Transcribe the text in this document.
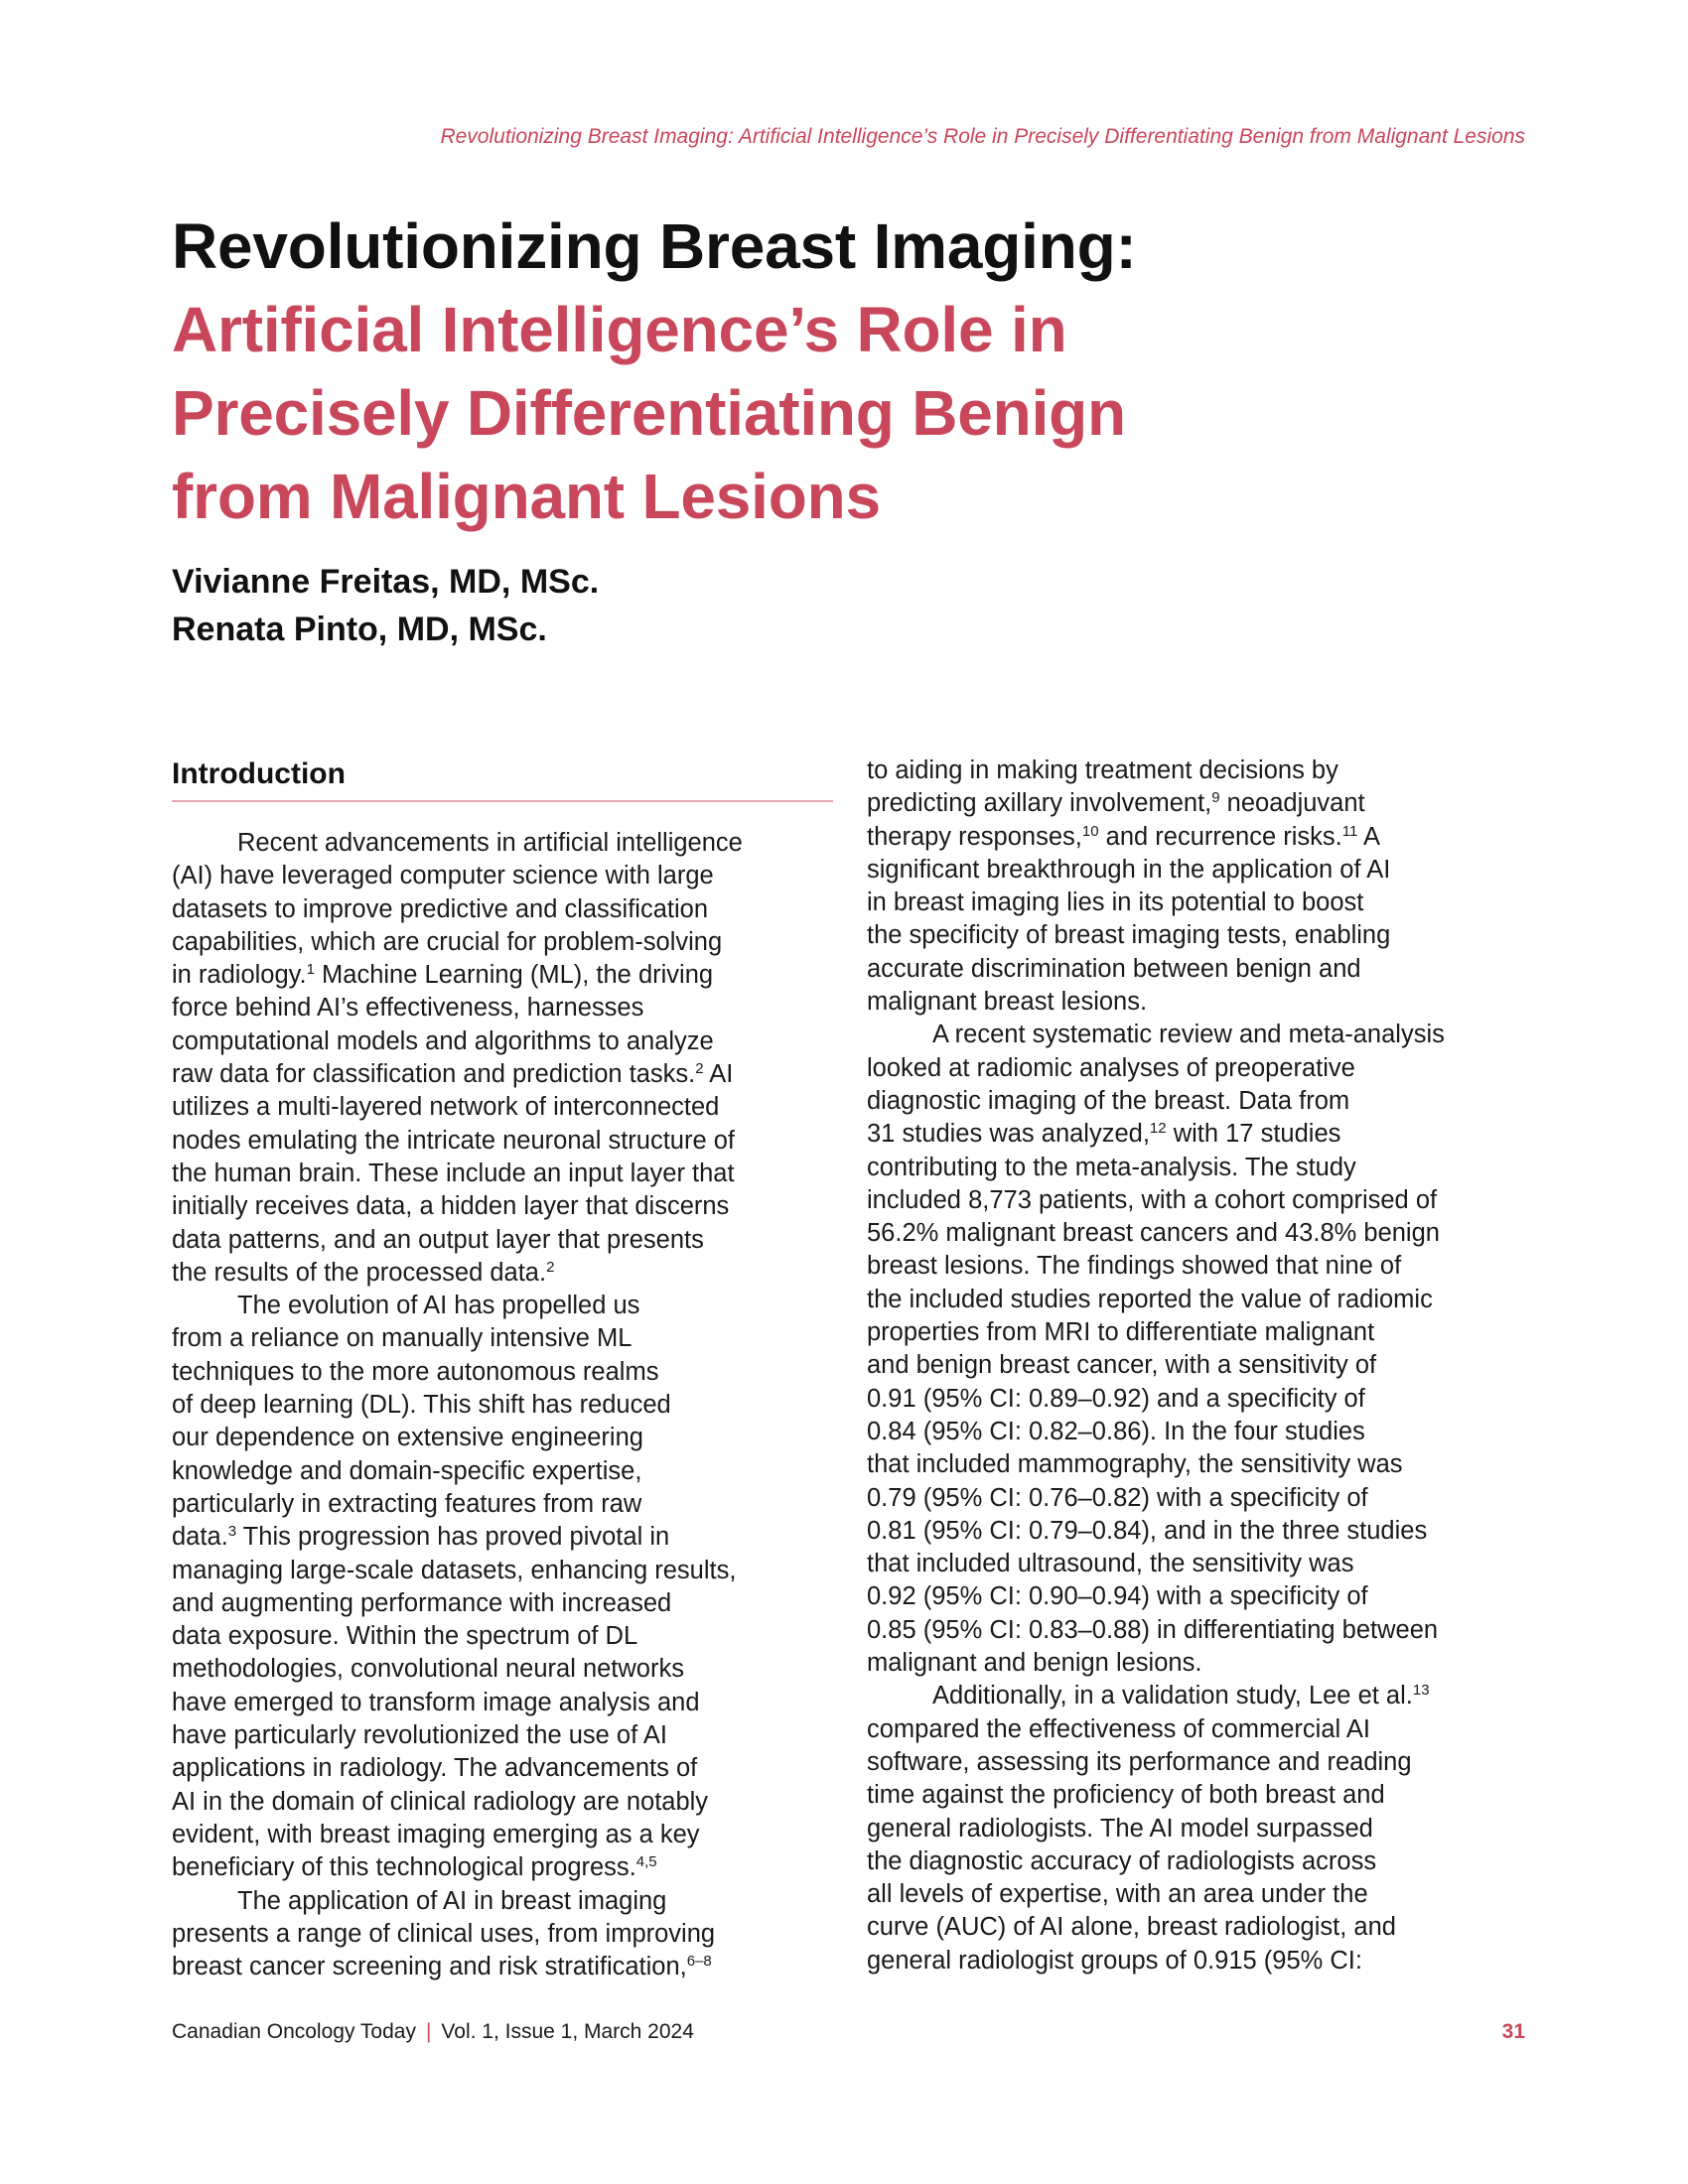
Revolutionizing Breast Imaging: Artificial Intelligence’s Role in Precisely Differentiating Benign from Malignant Lesions
Revolutionizing Breast Imaging:
Artificial Intelligence’s Role in
Precisely Differentiating Benign
from Malignant Lesions
Vivianne Freitas, MD, MSc.
Renata Pinto, MD, MSc.
Introduction
Recent advancements in artificial intelligence
(AI) have leveraged computer science with large
datasets to improve predictive and classification
capabilities, which are crucial for problem-solving
in radiology.$^1$ Machine Learning (ML), the driving
force behind AI’s effectiveness, harnesses
computational models and algorithms to analyze
raw data for classification and prediction tasks.$^2$ AI
utilizes a multi-layered network of interconnected
nodes emulating the intricate neuronal structure of
the human brain. These include an input layer that
initially receives data, a hidden layer that discerns
data patterns, and an output layer that presents
the results of the processed data.$^2$
The evolution of AI has propelled us
from a reliance on manually intensive ML
techniques to the more autonomous realms
of deep learning (DL). This shift has reduced
our dependence on extensive engineering
knowledge and domain-specific expertise,
particularly in extracting features from raw
data.$^3$ This progression has proved pivotal in
managing large-scale datasets, enhancing results,
and augmenting performance with increased
data exposure. Within the spectrum of DL
methodologies, convolutional neural networks
have emerged to transform image analysis and
have particularly revolutionized the use of AI
applications in radiology. The advancements of
AI in the domain of clinical radiology are notably
evident, with breast imaging emerging as a key
beneficiary of this technological progress.$^{4,5}$
The application of AI in breast imaging
presents a range of clinical uses, from improving
breast cancer screening and risk stratification,$^{6-8}$
to aiding in making treatment decisions by
predicting axillary involvement,$^9$ neoadjuvant
therapy responses,$^{10}$ and recurrence risks.$^{11}$ A
significant breakthrough in the application of AI
in breast imaging lies in its potential to boost
the specificity of breast imaging tests, enabling
accurate discrimination between benign and
malignant breast lesions.
A recent systematic review and meta-analysis
looked at radiomic analyses of preoperative
diagnostic imaging of the breast. Data from
31 studies was analyzed,$^{12}$ with 17 studies
contributing to the meta-analysis. The study
included 8,773 patients, with a cohort comprised of
56.2% malignant breast cancers and 43.8% benign
breast lesions. The findings showed that nine of
the included studies reported the value of radiomic
properties from MRI to differentiate malignant
and benign breast cancer, with a sensitivity of
0.91 (95% CI: 0.89–0.92) and a specificity of
0.84 (95% CI: 0.82–0.86). In the four studies
that included mammography, the sensitivity was
0.79 (95% CI: 0.76–0.82) with a specificity of
0.81 (95% CI: 0.79–0.84), and in the three studies
that included ultrasound, the sensitivity was
0.92 (95% CI: 0.90–0.94) with a specificity of
0.85 (95% CI: 0.83–0.88) in differentiating between
malignant and benign lesions.
Additionally, in a validation study, Lee et al.$^{13}$
compared the effectiveness of commercial AI
software, assessing its performance and reading
time against the proficiency of both breast and
general radiologists. The AI model surpassed
the diagnostic accuracy of radiologists across
all levels of expertise, with an area under the
curve (AUC) of AI alone, breast radiologist, and
general radiologist groups of 0.915 (95% CI:
Canadian Oncology Today | Vol. 1, Issue 1, March 2024	31
